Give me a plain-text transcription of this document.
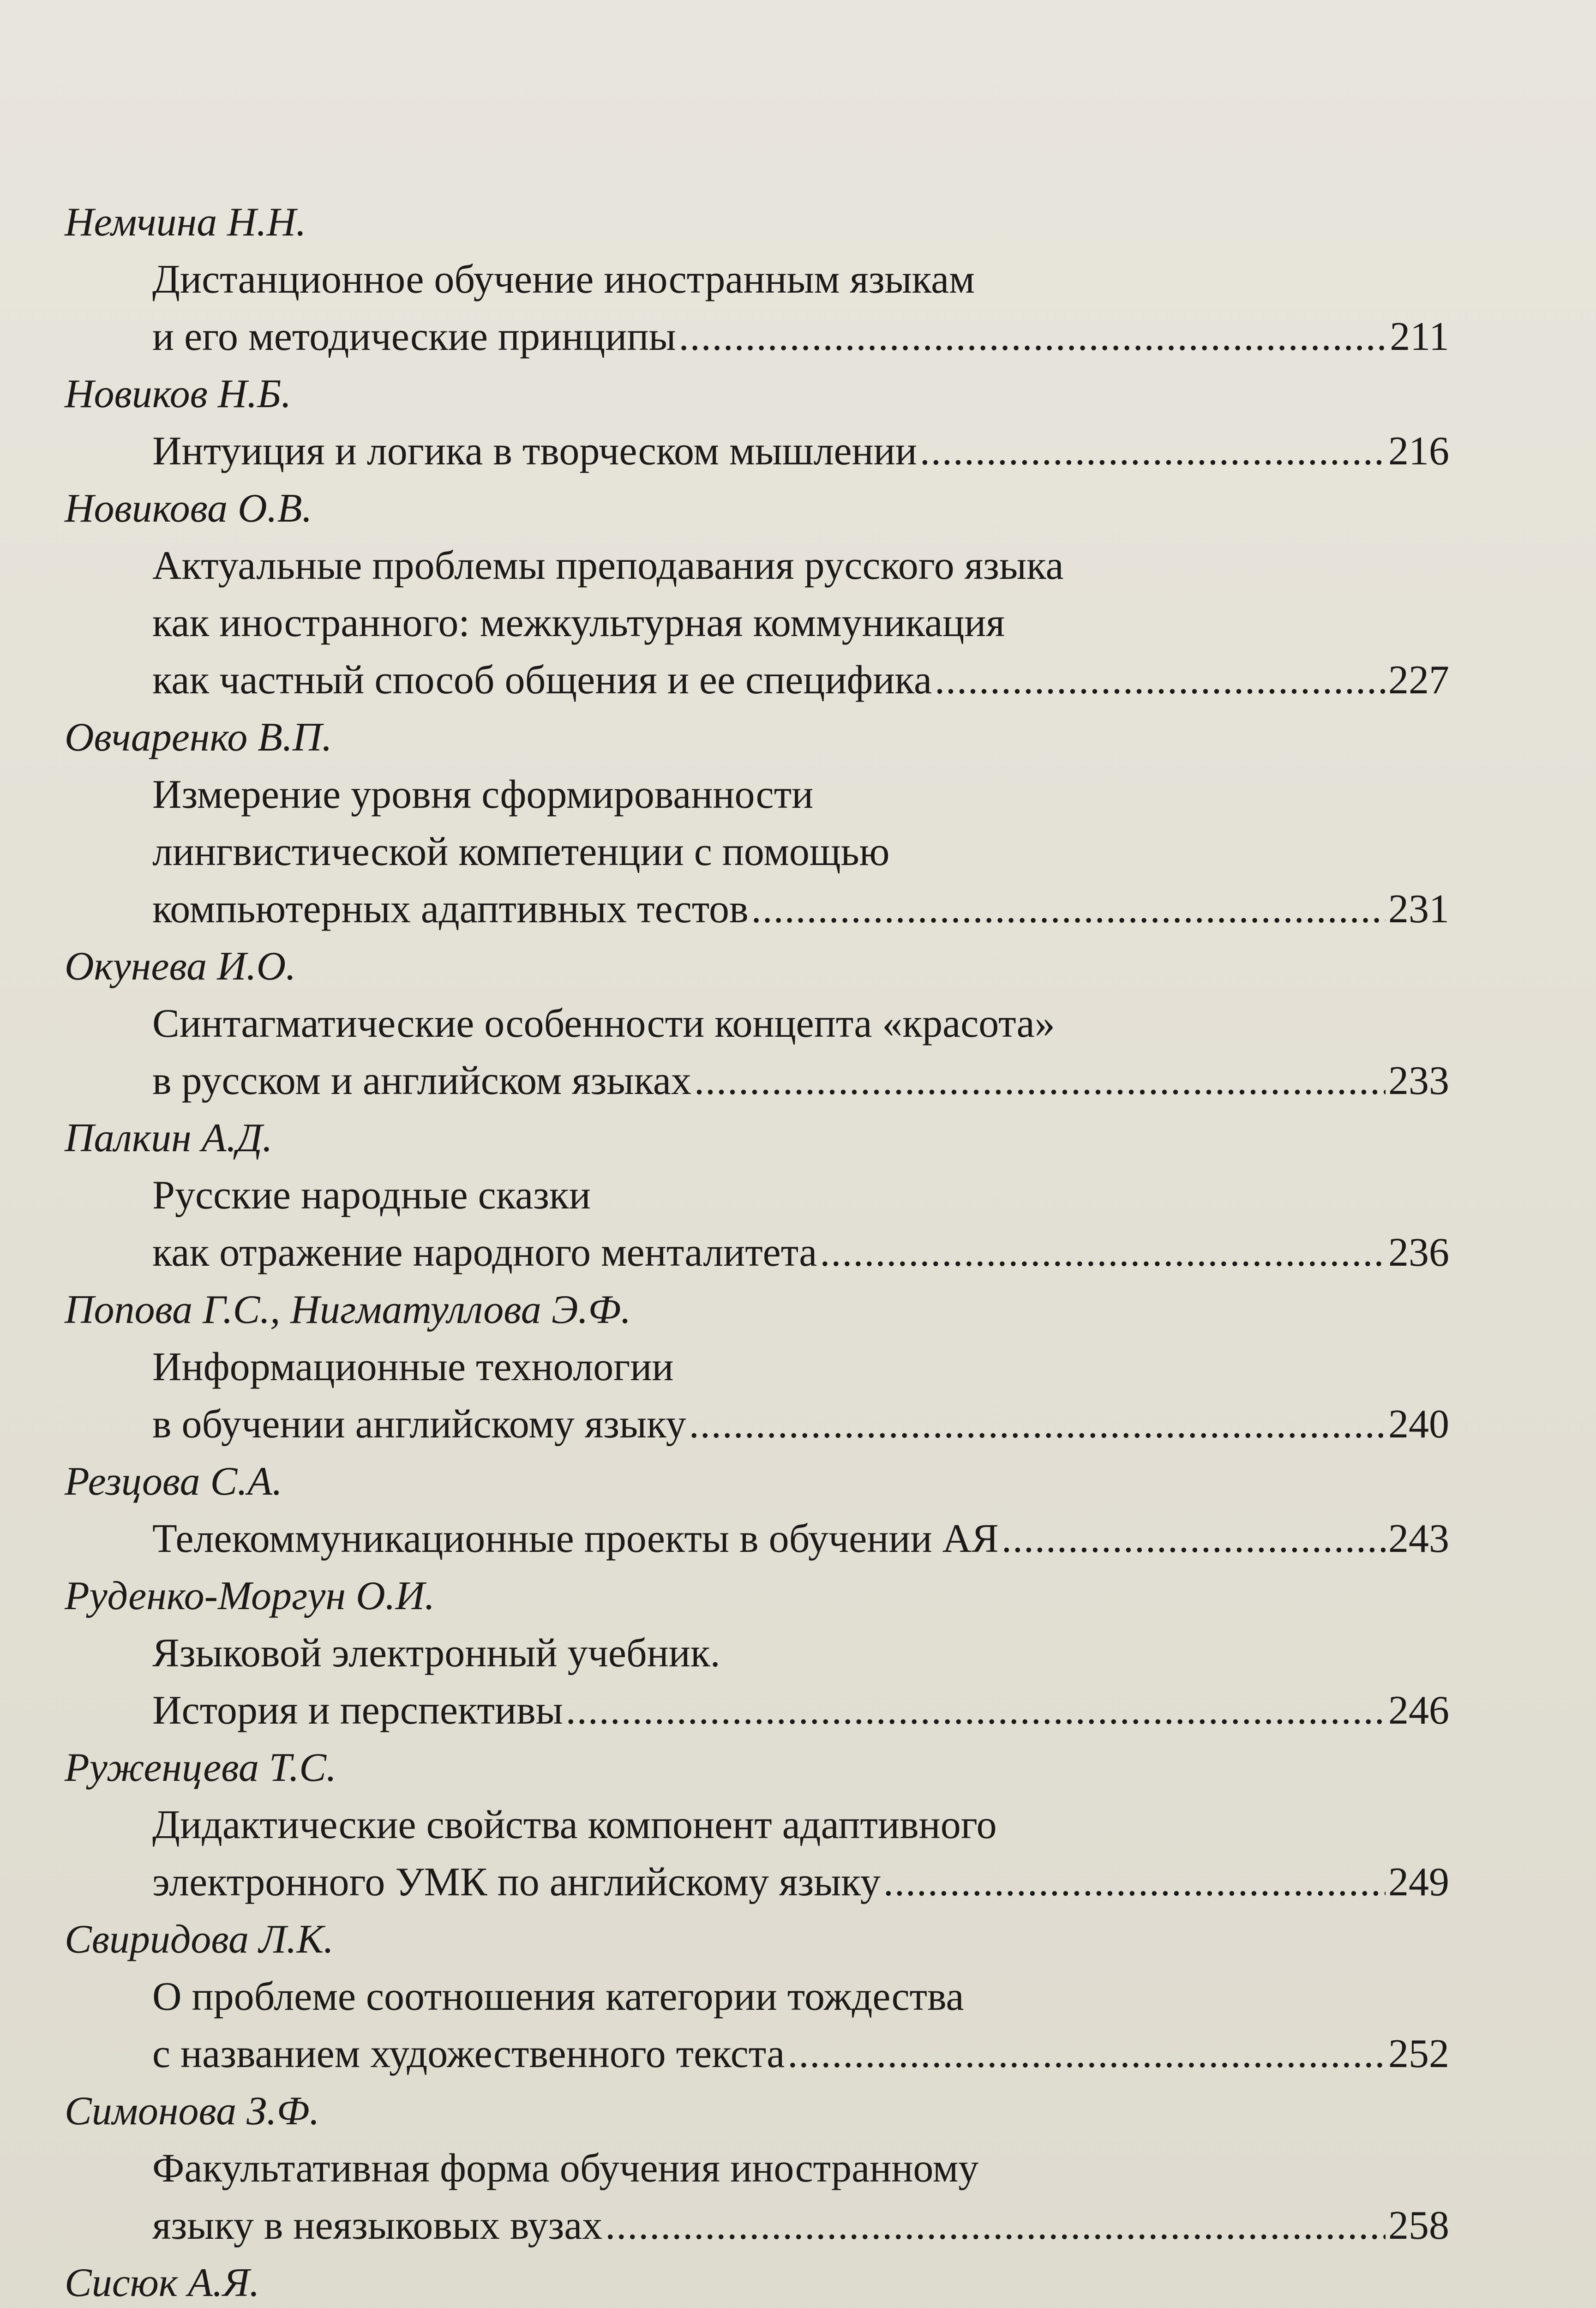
Немчина Н.Н.
Дистанционное обучение иностранным языкам
и его методические принципы .....	211
Новиков Н.Б.
Интуиция и логика в творческом мышлении .....	216
Новикова О.В.
Актуальные проблемы преподавания русского языка
как иностранного: межкультурная коммуникация
как частный способ общения и ее специфика .....	227
Овчаренко В.П.
Измерение уровня сформированности
лингвистической компетенции с помощью
компьютерных адаптивных тестов .....	231
Окунева И.О.
Синтагматические особенности концепта «красота»
в русском и английском языках .....	233
Палкин А.Д.
Русские народные сказки
как отражение народного менталитета .....	236
Попова Г.С., Нигматуллова Э.Ф.
Информационные технологии
в обучении английскому языку .....	240
Резцова С.А.
Телекоммуникационные проекты в обучении АЯ .....	243
Руденко-Моргун О.И.
Языковой электронный учебник.
История и перспективы .....	246
Руженцева Т.С.
Дидактические свойства компонент адаптивного
электронного УМК по английскому языку .....	249
Свиридова Л.К.
О проблеме соотношения категории тождества
с названием художественного текста .....	252
Симонова З.Ф.
Факультативная форма обучения иностранному
языку в неязыковых вузах .....	258
Сисюк А.Я.
